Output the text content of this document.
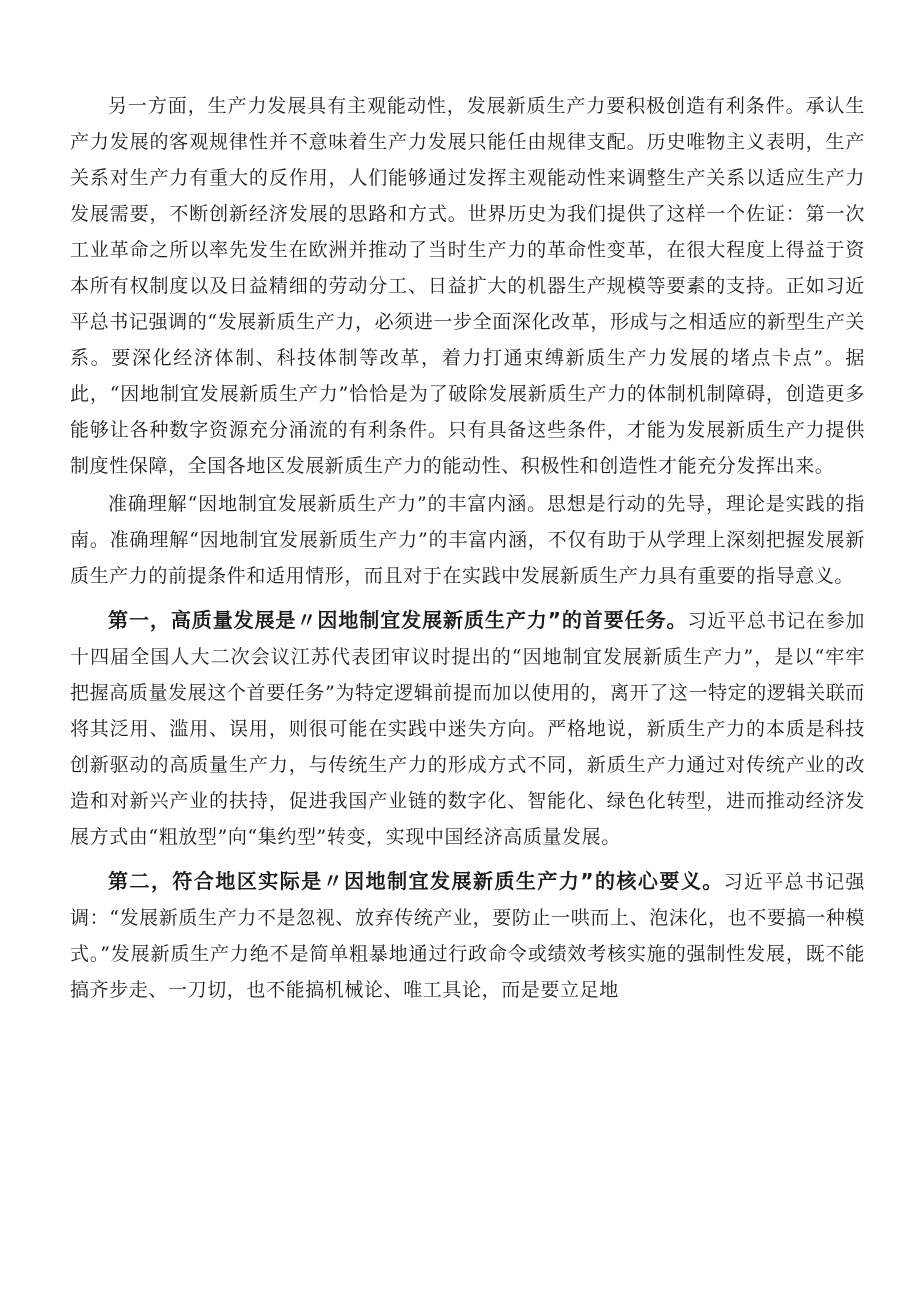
另一方面，生产力发展具有主观能动性，发展新质生产力要积极创造有利条件。承认生产力发展的客观规律性并不意味着生产力发展只能任由规律支配。历史唯物主义表明，生产关系对生产力有重大的反作用，人们能够通过发挥主观能动性来调整生产关系以适应生产力发展需要，不断创新经济发展的思路和方式。世界历史为我们提供了这样一个佐证：第一次工业革命之所以率先发生在欧洲并推动了当时生产力的革命性变革，在很大程度上得益于资本所有权制度以及日益精细的劳动分工、日益扩大的机器生产规模等要素的支持。正如习近平总书记强调的“发展新质生产力，必须进一步全面深化改革，形成与之相适应的新型生产关系。要深化经济体制、科技体制等改革，着力打通束缚新质生产力发展的堵点卡点”。据此，“因地制宜发展新质生产力”恰恰是为了破除发展新质生产力的体制机制障碍，创造更多能够让各种数字资源充分涌流的有利条件。只有具备这些条件，才能为发展新质生产力提供制度性保障，全国各地区发展新质生产力的能动性、积极性和创造性才能充分发挥出来。

准确理解“因地制宜发展新质生产力”的丰富内涵。思想是行动的先导，理论是实践的指南。准确理解“因地制宜发展新质生产力”的丰富内涵，不仅有助于从学理上深刻把握发展新质生产力的前提条件和适用情形，而且对于在实践中发展新质生产力具有重要的指导意义。

第一，高质量发展是〃因地制宜发展新质生产力”的首要任务。习近平总书记在参加十四届全国人大二次会议江苏代表团审议时提出的“因地制宜发展新质生产力”，是以“牢牢把握高质量发展这个首要任务”为特定逻辑前提而加以使用的，离开了这一特定的逻辑关联而将其泛用、滥用、误用，则很可能在实践中迷失方向。严格地说，新质生产力的本质是科技创新驱动的高质量生产力，与传统生产力的形成方式不同，新质生产力通过对传统产业的改造和对新兴产业的扶持，促进我国产业链的数字化、智能化、绿色化转型，进而推动经济发展方式由“粗放型”向“集约型”转变，实现中国经济高质量发展。

第二，符合地区实际是〃因地制宜发展新质生产力”的核心要义。习近平总书记强调：“发展新质生产力不是忽视、放弃传统产业，要防止一哄而上、泡沫化，也不要搞一种模式。”发展新质生产力绝不是简单粗暴地通过行政命令或绩效考核实施的强制性发展，既不能搞齐步走、一刀切，也不能搞机械论、唯工具论，而是要立足地
